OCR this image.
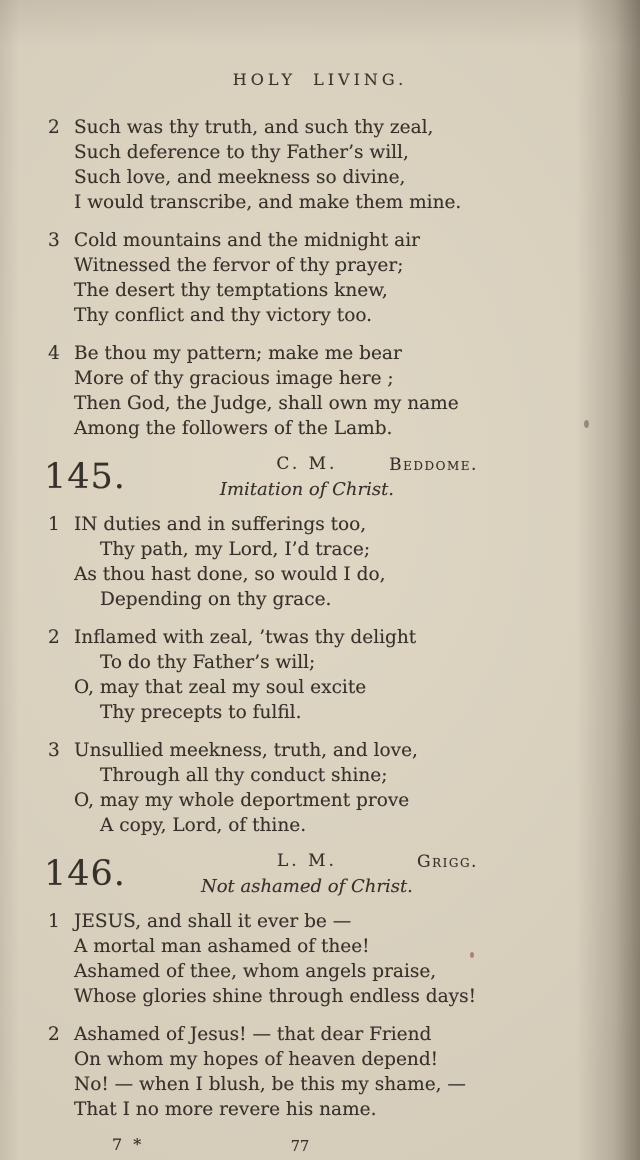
HOLY LIVING.
2 Such was thy truth, and such thy zeal,
Such deference to thy Father’s will,
Such love, and meekness so divine,
I would transcribe, and make them mine.
3 Cold mountains and the midnight air
Witnessed the fervor of thy prayer;
The desert thy temptations knew,
Thy conflict and thy victory too.
4 Be thou my pattern; make me bear
More of thy gracious image here ;
Then God, the Judge, shall own my name
Among the followers of the Lamb.
145.	C. M.	Beddome.
Imitation of Christ.
1 IN duties and in sufferings too,
Thy path, my Lord, I’d trace;
As thou hast done, so would I do,
Depending on thy grace.
2 Inflamed with zeal, ’twas thy delight
To do thy Father’s will;
O, may that zeal my soul excite
Thy precepts to fulfil.
3 Unsullied meekness, truth, and love,
Through all thy conduct shine;
O, may my whole deportment prove
A copy, Lord, of thine.
146.	L. M.	Grigg.
Not ashamed of Christ.
1 JESUS, and shall it ever be —
A mortal man ashamed of thee!
Ashamed of thee, whom angels praise,
Whose glories shine through endless days!
2 Ashamed of Jesus! — that dear Friend
On whom my hopes of heaven depend!
No! — when I blush, be this my shame, —
That I no more revere his name.
7 *	77
